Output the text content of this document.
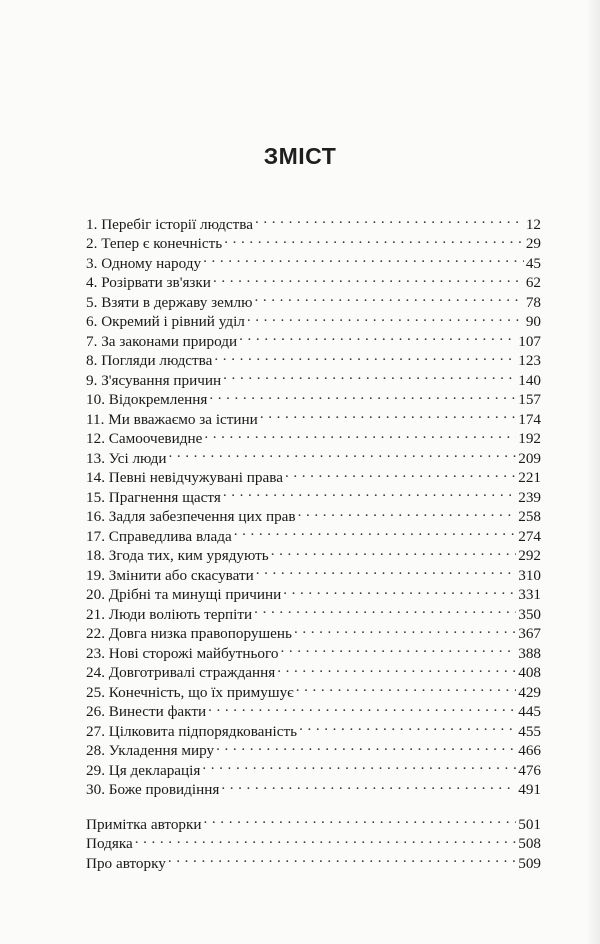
ЗМІСТ
1. Перебіг історії людства . . .	12
2. Тепер є конечність . . .	29
3. Одному народу . . .	45
4. Розірвати зв'язки . . .	62
5. Взяти в державу землю . . .	78
6. Окремий і рівний уділ . . .	90
7. За законами природи . . .	107
8. Погляди людства . . .	123
9. З'ясування причин . . .	140
10. Відокремлення . . .	157
11. Ми вважаємо за істини . . .	174
12. Самоочевидне . . .	192
13. Усі люди . . .	209
14. Певні невідчужувані права . . .	221
15. Прагнення щастя . . .	239
16. Задля забезпечення цих прав . . .	258
17. Справедлива влада . . .	274
18. Згода тих, ким урядують . . .	292
19. Змінити або скасувати . . .	310
20. Дрібні та минущі причини . . .	331
21. Люди воліють терпіти . . .	350
22. Довга низка правопорушень . . .	367
23. Нові сторожі майбутнього . . .	388
24. Довготривалі страждання . . .	408
25. Конечність, що їх примушує . . .	429
26. Винести факти . . .	445
27. Цілковита підпорядкованість . . .	455
28. Укладення миру . . .	466
29. Ця декларація . . .	476
30. Боже провидіння . . .	491
Примітка авторки . . .	501
Подяка . . .	508
Про авторку . . .	509
